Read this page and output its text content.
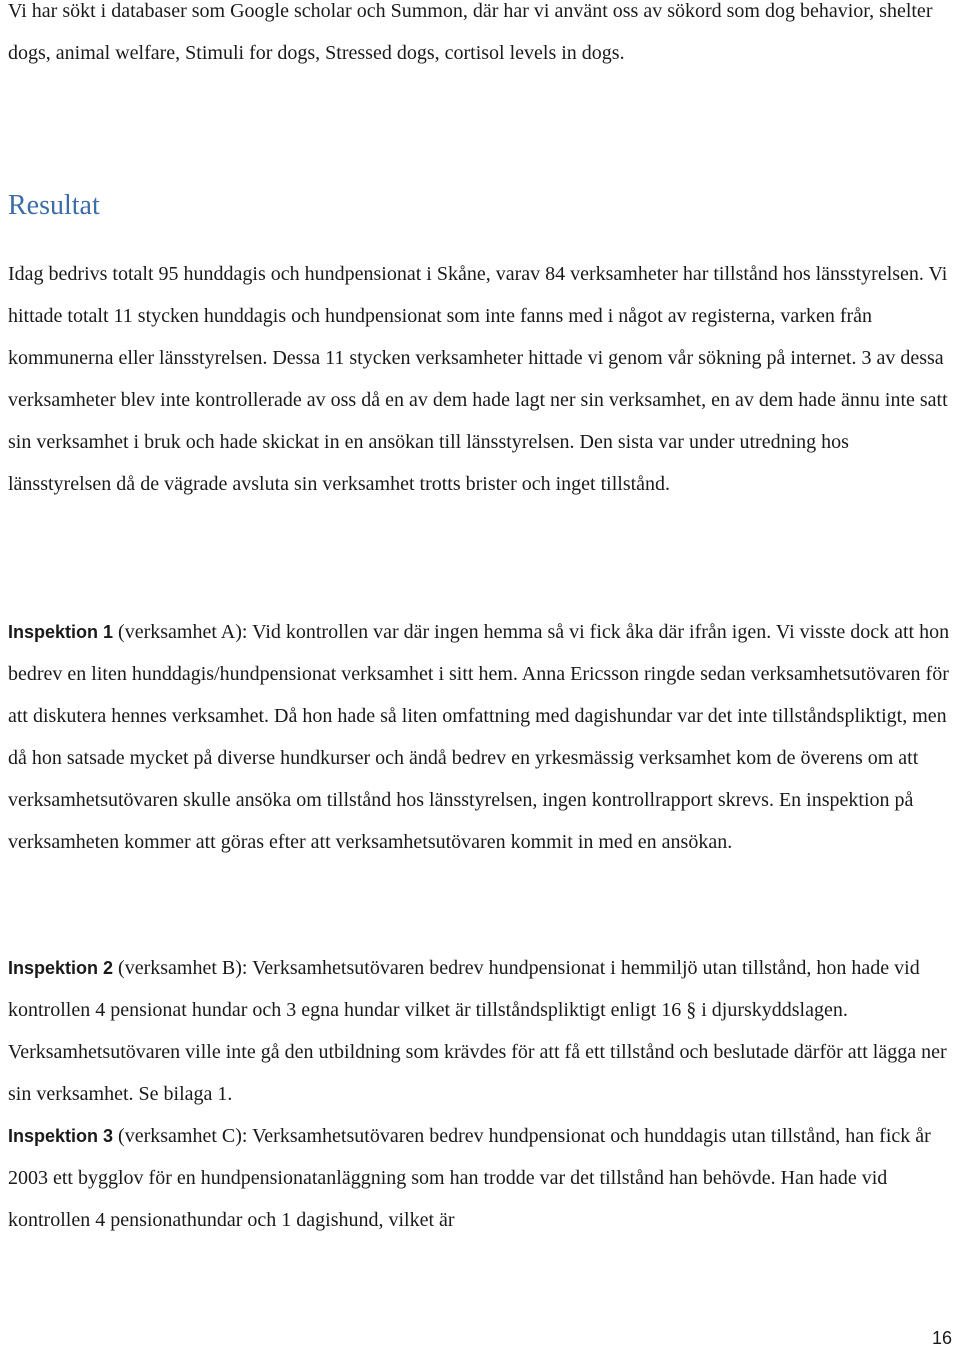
Vi har sökt i databaser som Google scholar och Summon, där har vi använt oss av sökord som dog behavior, shelter dogs, animal welfare, Stimuli for dogs, Stressed dogs, cortisol levels in dogs.

Resultat

Idag bedrivs totalt 95 hunddagis och hundpensionat i Skåne, varav 84 verksamheter har tillstånd hos länsstyrelsen. Vi hittade totalt 11 stycken hunddagis och hundpensionat som inte fanns med i något av registerna, varken från kommunerna eller länsstyrelsen. Dessa 11 stycken verksamheter hittade vi genom vår sökning på internet. 3 av dessa verksamheter blev inte kontrollerade av oss då en av dem hade lagt ner sin verksamhet, en av dem hade ännu inte satt sin verksamhet i bruk och hade skickat in en ansökan till länsstyrelsen. Den sista var under utredning hos länsstyrelsen då de vägrade avsluta sin verksamhet trotts brister och inget tillstånd.

Inspektion 1 (verksamhet A): Vid kontrollen var där ingen hemma så vi fick åka där ifrån igen. Vi visste dock att hon bedrev en liten hunddagis/hundpensionat verksamhet i sitt hem. Anna Ericsson ringde sedan verksamhetsutövaren för att diskutera hennes verksamhet. Då hon hade så liten omfattning med dagishundar var det inte tillståndspliktigt, men då hon satsade mycket på diverse hundkurser och ändå bedrev en yrkesmässig verksamhet kom de överens om att verksamhetsutövaren skulle ansöka om tillstånd hos länsstyrelsen, ingen kontrollrapport skrevs. En inspektion på verksamheten kommer att göras efter att verksamhetsutövaren kommit in med en ansökan.

Inspektion 2 (verksamhet B): Verksamhetsutövaren bedrev hundpensionat i hemmiljö utan tillstånd, hon hade vid kontrollen 4 pensionat hundar och 3 egna hundar vilket är tillståndspliktigt enligt 16 § i djurskyddslagen. Verksamhetsutövaren ville inte gå den utbildning som krävdes för att få ett tillstånd och beslutade därför att lägga ner sin verksamhet. Se bilaga 1.

Inspektion 3 (verksamhet C): Verksamhetsutövaren bedrev hundpensionat och hunddagis utan tillstånd, han fick år 2003 ett bygglov för en hundpensionatanläggning som han trodde var det tillstånd han behövde. Han hade vid kontrollen 4 pensionathundar och 1 dagishund, vilket är

16
